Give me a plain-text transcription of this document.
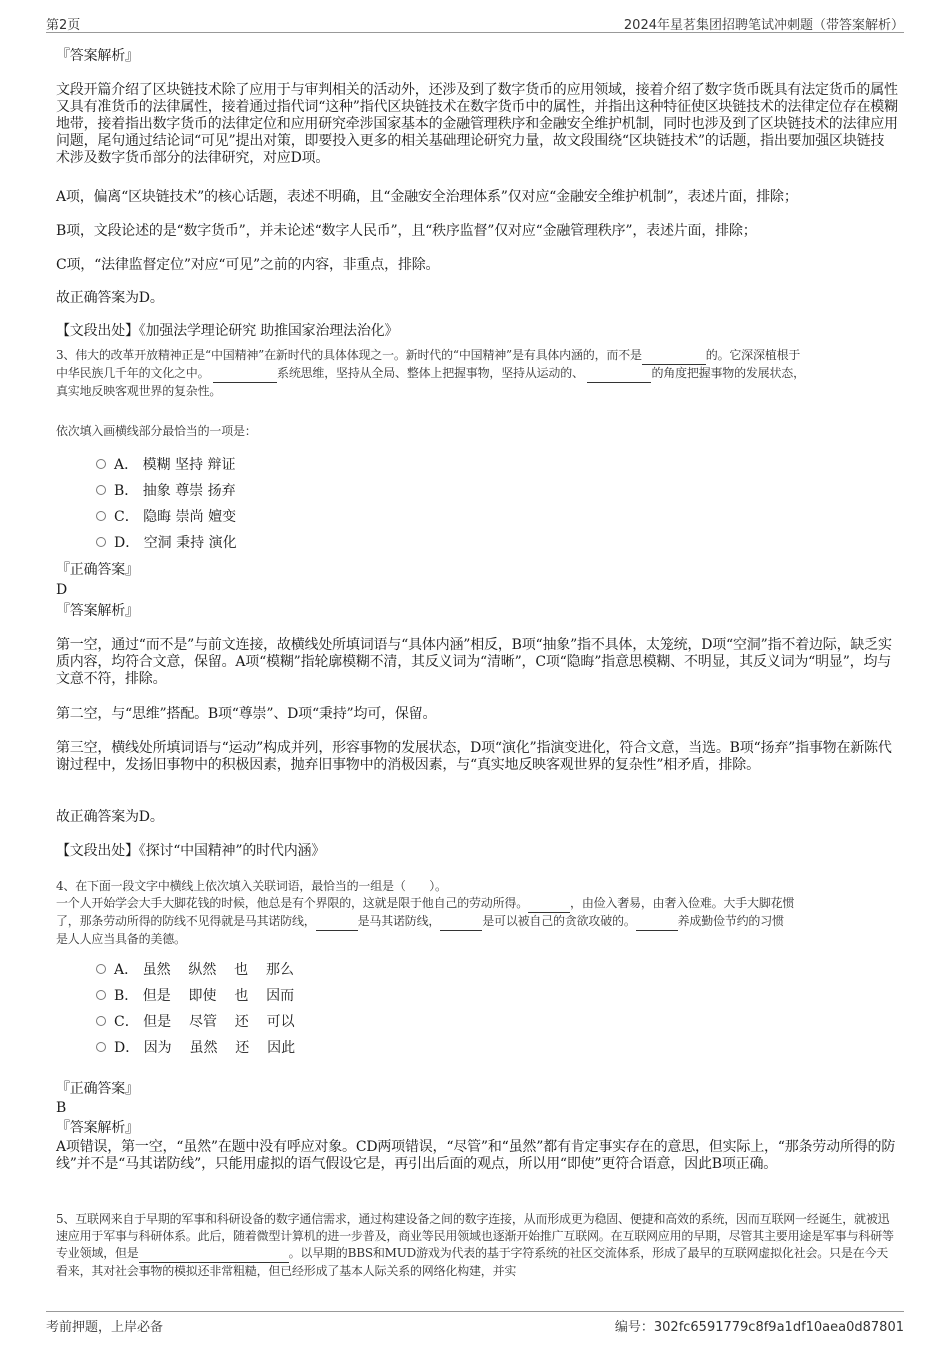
第2页	2024年星茗集团招聘笔试冲刺题（带答案解析）
『答案解析』

文段开篇介绍了区块链技术除了应用于与审判相关的活动外，还涉及到了数字货币的应用领域，接着介绍了数字货币既具有法定货币的属性又具有准货币的法律属性，接着通过指代词“这种”指代区块链技术在数字货币中的属性，并指出这种特征使区块链技术的法律定位存在模糊地带，接着指出数字货币的法律定位和应用研究牵涉国家基本的金融管理秩序和金融安全维护机制，同时也涉及到了区块链技术的法律应用问题，尾句通过结论词“可见”提出对策，即要投入更多的相关基础理论研究力量，故文段围绕“区块链技术”的话题，指出要加强区块链技术涉及数字货币部分的法律研究，对应D项。

A项，偏离“区块链技术”的核心话题，表述不明确，且“金融安全治理体系”仅对应“金融安全维护机制”，表述片面，排除；

B项，文段论述的是“数字货币”，并未论述“数字人民币”，且“秩序监督”仅对应“金融管理秩序”，表述片面，排除；

C项，“法律监督定位”对应“可见”之前的内容，非重点，排除。

故正确答案为D。

【文段出处】《加强法学理论研究 助推国家治理法治化》

3、伟大的改革开放精神正是“中国精神”在新时代的具体体现之一。新时代的“中国精神”是有具体内涵的，而不是	的。它深深植根于
中华民族几千年的文化之中。	系统思维，坚持从全局、整体上把握事物，坚持从运动的、	的角度把握事物的发展状态，
真实地反映客观世界的复杂性。
依次填入画横线部分最恰当的一项是：
A． 模糊 坚持 辩证
B． 抽象 尊崇 扬弃
C． 隐晦 崇尚 嬗变
D． 空洞 秉持 演化
『正确答案』
D
『答案解析』

第一空，通过“而不是”与前文连接，故横线处所填词语与“具体内涵”相反，B项“抽象”指不具体，太笼统，D项“空洞”指不着边际，缺乏实质内容，均符合文意，保留。A项“模糊”指轮廓模糊不清，其反义词为“清晰”，C项“隐晦”指意思模糊、不明显，其反义词为“明显”，均与文意不符，排除。

第二空，与“思维”搭配。B项“尊崇”、D项“秉持”均可，保留。

第三空，横线处所填词语与“运动”构成并列，形容事物的发展状态，D项“演化”指演变进化，符合文意，当选。B项“扬弃”指事物在新陈代谢过程中，发扬旧事物中的积极因素，抛弃旧事物中的消极因素，与“真实地反映客观世界的复杂性”相矛盾，排除。

故正确答案为D。

【文段出处】《探讨“中国精神”的时代内涵》

4、在下面一段文字中横线上依次填入关联词语，最恰当的一组是（　　）。
一个人开始学会大手大脚花钱的时候，他总是有个界限的，这就是限于他自己的劳动所得。	，由俭入奢易，由奢入俭难。大手大脚花惯
了，那条劳动所得的防线不见得就是马其诺防线，	是马其诺防线，	是可以被自己的贪欲攻破的。	养成勤俭节约的习惯
是人人应当具备的美德。
A． 虽然    纵然    也    那么
B． 但是    即使    也    因而
C． 但是    尽管    还    可以
D． 因为    虽然    还    因此
『正确答案』
B
『答案解析』

A项错误，第一空，“虽然”在题中没有呼应对象。CD两项错误，“尽管”和“虽然”都有肯定事实存在的意思，但实际上，“那条劳动所得的防线”并不是“马其诺防线”，只能用虚拟的语气假设它是，再引出后面的观点，所以用“即使”更符合语意，因此B项正确。

5、互联网来自于早期的军事和科研设备的数字通信需求，通过构建设备之间的数字连接，从而形成更为稳固、便捷和高效的系统，因而互联网一经诞生，就被迅速应用于军事与科研体系。此后，随着微型计算机的进一步普及，商业等民用领域也逐渐开始推广互联网。在互联网应用的早期，尽管其主要用途是军事与科研等专业领域，但是	。以早期的BBS和MUD游戏为代表的基于字符系统的社区交流体系，形成了最早的互联网虚拟化社会。只是在今天看来，其对社会事物的模拟还非常粗糙，但已经形成了基本人际关系的网络化构建，并实
考前押题，上岸必备	编号：302fc6591779c8f9a1df10aea0d87801
